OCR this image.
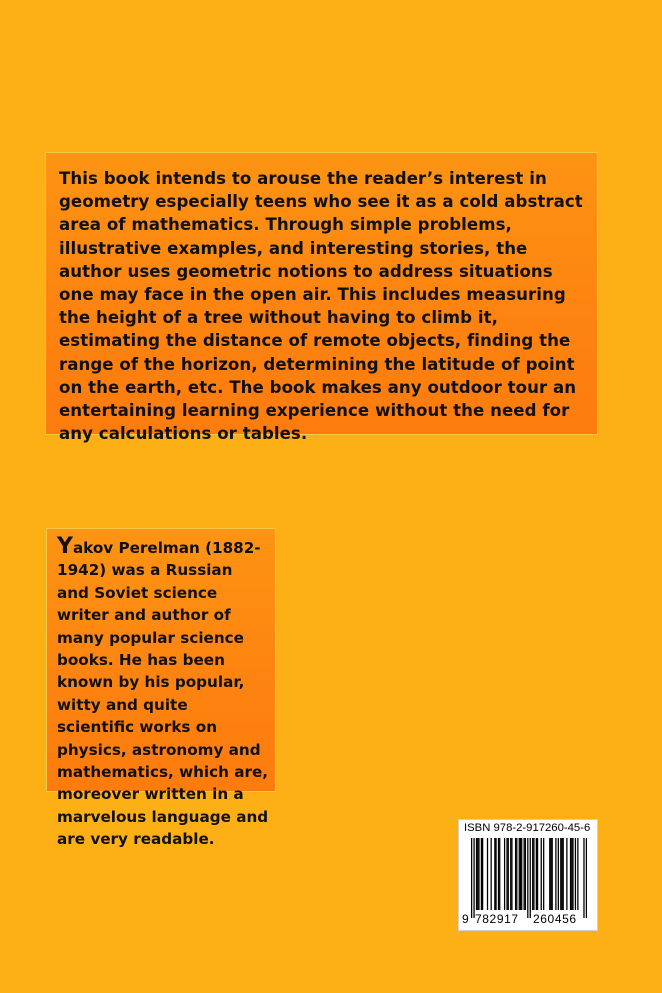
This book intends to arouse the reader’s interest in geometry especially teens who see it as a cold abstract area of mathematics. Through simple problems, illustrative examples, and interesting stories, the author uses geometric notions to address situations one may face in the open air. This includes measuring the height of a tree without having to climb it, estimating the distance of remote objects, finding the range of the horizon, determining the latitude of point on the earth, etc. The book makes any outdoor tour an entertaining learning experience without the need for any calculations or tables.

Yakov Perelman (1882-1942) was a Russian and Soviet science writer and author of many popular science books. He has been known by his popular, witty and quite scientific works on physics, astronomy and mathematics, which are, moreover written in a marvelous language and are very readable.

ISBN 978-2-917260-45-6
9 782917 260456
